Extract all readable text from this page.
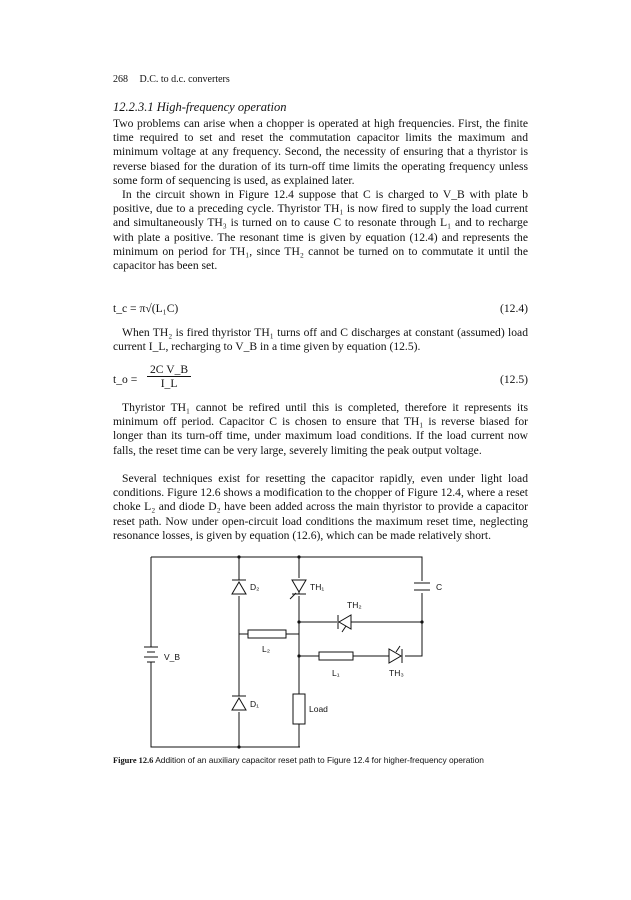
268 D.C. to d.c. converters
12.2.3.1 High-frequency operation

Two problems can arise when a chopper is operated at high frequencies. First, the finite time required to set and reset the commutation capacitor limits the maximum and minimum voltage at any frequency. Second, the necessity of ensuring that a thyristor is reverse biased for the duration of its turn-off time limits the operating frequency unless some form of sequencing is used, as explained later.

In the circuit shown in Figure 12.4 suppose that C is charged to V_B with plate b positive, due to a preceding cycle. Thyristor TH₁ is now fired to supply the load current and simultaneously TH₃ is turned on to cause C to resonate through L₁ and to recharge with plate a positive. The resonant time is given by equation (12.4) and represents the minimum on period for TH₁, since TH₂ cannot be turned on to commutate it until the capacitor has been set.

t_c = π√(L₁C)	(12.4)

When TH₂ is fired thyristor TH₁ turns off and C discharges at constant (assumed) load current I_L, recharging to V_B in a time given by equation (12.5).

t_o = $\frac{\text{2C V\_B}}{I\_L}$	(12.5)

Thyristor TH₁ cannot be refired until this is completed, therefore it represents its minimum off period. Capacitor C is chosen to ensure that TH₁ is reverse biased for longer than its turn-off time, under maximum load conditions. If the load current now falls, the reset time can be very large, severely limiting the peak output voltage.

Several techniques exist for resetting the capacitor rapidly, even under light load conditions. Figure 12.6 shows a modification to the chopper of Figure 12.4, where a reset choke L₂ and diode D₂ have been added across the main thyristor to provide a capacitor reset path. Now under open-circuit load conditions the maximum reset time, neglecting resonance losses, is given by equation (12.6), which can be made relatively short.

D₂	TH₁	C
TH₂
V_B
L₂
L₁	TH₃
D₁	Load
Figure 12.6 Addition of an auxiliary capacitor reset path to Figure 12.4 for higher-frequency operation
